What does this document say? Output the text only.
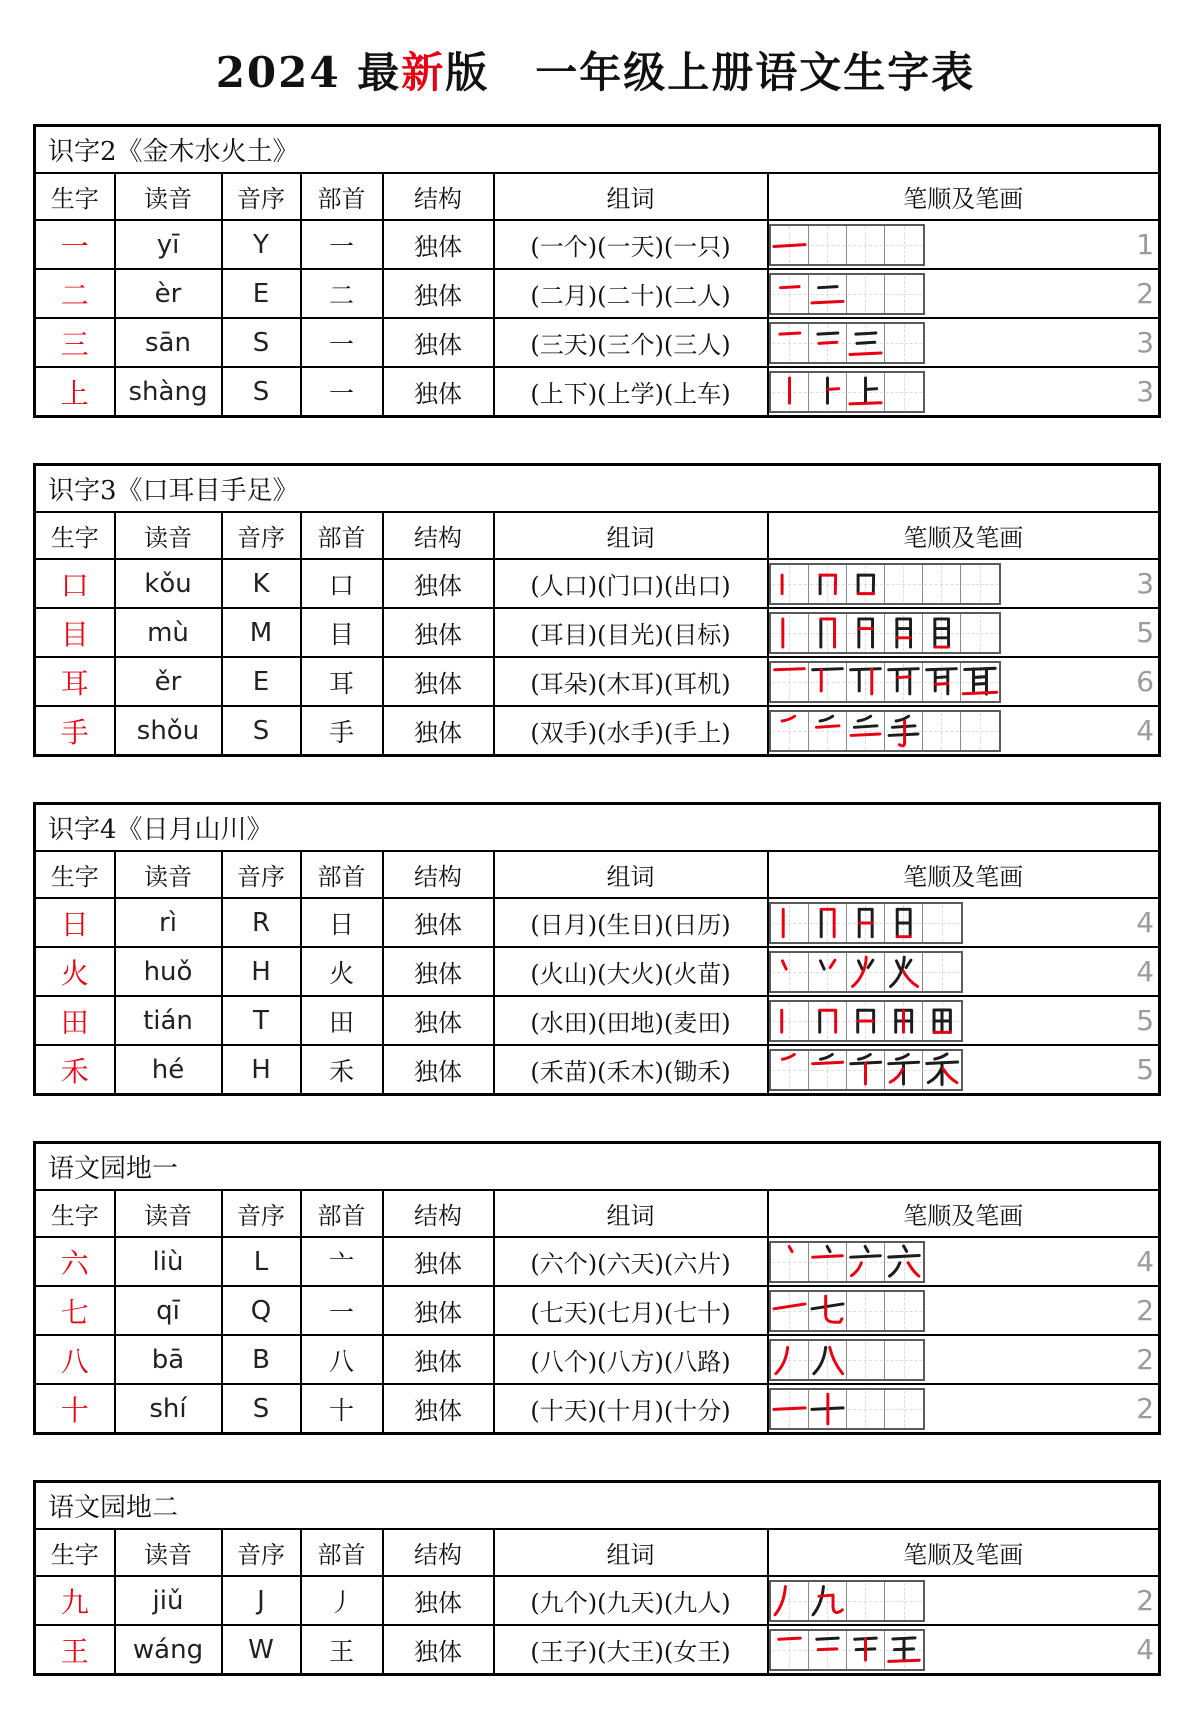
2024 最新版 一年级上册语文生字表
识字2《金木水火土》						
生字	读音	音序	部首	结构	组词	笔顺及笔画
一	yī	Y	一	独体	(一个)(一天)(一只)	1

二	èr	E	二	独体	(二月)(二十)(二人)	2

三	sān	S	一	独体	(三天)(三个)(三人)	3

上	shàng	S	一	独体	(上下)(上学)(上车)	3
识字3《口耳目手足》						
生字	读音	音序	部首	结构	组词	笔顺及笔画
口	kǒu	K	口	独体	(人口)(门口)(出口)	3

目	mù	M	目	独体	(耳目)(目光)(目标)	5

耳	ěr	E	耳	独体	(耳朵)(木耳)(耳机)	6

手	shǒu	S	手	独体	(双手)(水手)(手上)	4
识字4《日月山川》						
生字	读音	音序	部首	结构	组词	笔顺及笔画
日	rì	R	日	独体	(日月)(生日)(日历)	4

火	huǒ	H	火	独体	(火山)(大火)(火苗)	4

田	tián	T	田	独体	(水田)(田地)(麦田)	5

禾	hé	H	禾	独体	(禾苗)(禾木)(锄禾)	5
语文园地一						
生字	读音	音序	部首	结构	组词	笔顺及笔画
六	liù	L	亠	独体	(六个)(六天)(六片)	4

七	qī	Q	一	独体	(七天)(七月)(七十)	2

八	bā	B	八	独体	(八个)(八方)(八路)	2

十	shí	S	十	独体	(十天)(十月)(十分)	2
语文园地二						
生字	读音	音序	部首	结构	组词	笔顺及笔画
九	jiǔ	J	丿	独体	(九个)(九天)(九人)	2

王	wáng	W	王	独体	(王子)(大王)(女王)	4
